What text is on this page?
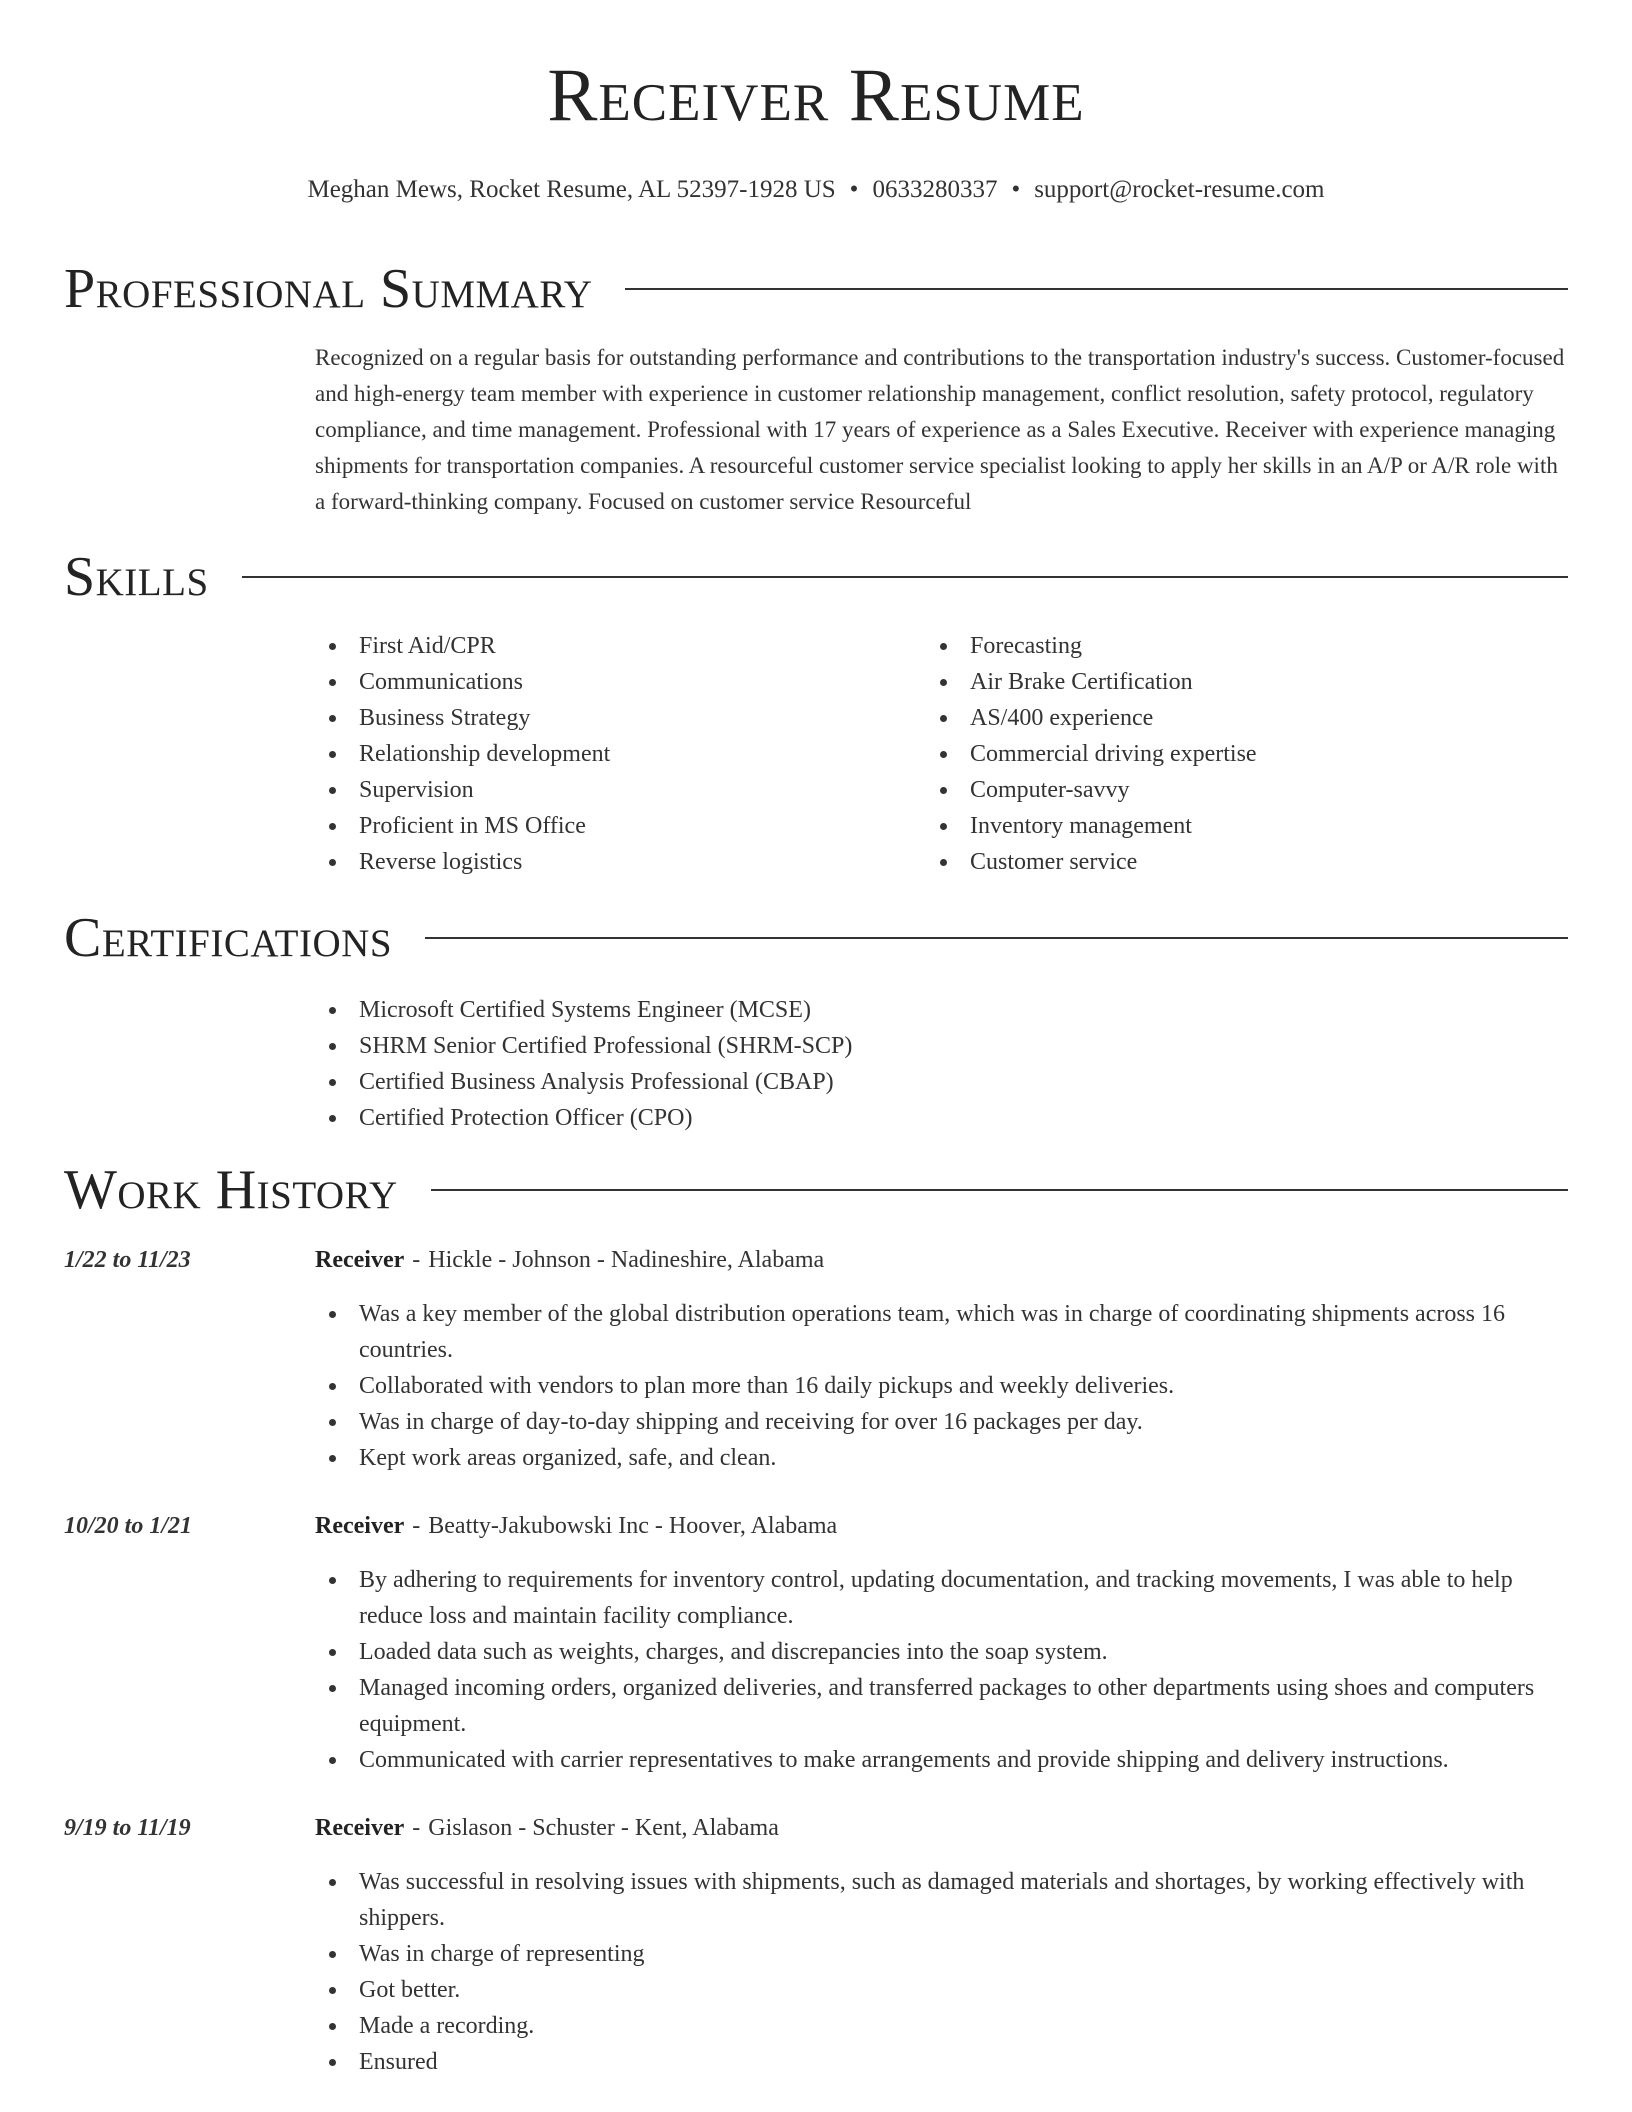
Receiver Resume
Meghan Mews, Rocket Resume, AL 52397-1928 US • 0633280337 • support@rocket-resume.com
Professional Summary
Recognized on a regular basis for outstanding performance and contributions to the transportation industry's success. Customer-focused and high-energy team member with experience in customer relationship management, conflict resolution, safety protocol, regulatory compliance, and time management. Professional with 17 years of experience as a Sales Executive. Receiver with experience managing shipments for transportation companies. A resourceful customer service specialist looking to apply her skills in an A/P or A/R role with a forward-thinking company. Focused on customer service Resourceful
Skills
First Aid/CPR
Communications
Business Strategy
Relationship development
Supervision
Proficient in MS Office
Reverse logistics
Forecasting
Air Brake Certification
AS/400 experience
Commercial driving expertise
Computer-savvy
Inventory management
Customer service
Certifications
Microsoft Certified Systems Engineer (MCSE)
SHRM Senior Certified Professional (SHRM-SCP)
Certified Business Analysis Professional (CBAP)
Certified Protection Officer (CPO)
Work History
1/22 to 11/23	Receiver - Hickle - Johnson - Nadineshire, Alabama
Was a key member of the global distribution operations team, which was in charge of coordinating shipments across 16 countries.
Collaborated with vendors to plan more than 16 daily pickups and weekly deliveries.
Was in charge of day-to-day shipping and receiving for over 16 packages per day.
Kept work areas organized, safe, and clean.
10/20 to 1/21	Receiver - Beatty-Jakubowski Inc - Hoover, Alabama
By adhering to requirements for inventory control, updating documentation, and tracking movements, I was able to help reduce loss and maintain facility compliance.
Loaded data such as weights, charges, and discrepancies into the soap system.
Managed incoming orders, organized deliveries, and transferred packages to other departments using shoes and computers equipment.
Communicated with carrier representatives to make arrangements and provide shipping and delivery instructions.
9/19 to 11/19	Receiver - Gislason - Schuster - Kent, Alabama
Was successful in resolving issues with shipments, such as damaged materials and shortages, by working effectively with shippers.
Was in charge of representing
Got better.
Made a recording.
Ensured
